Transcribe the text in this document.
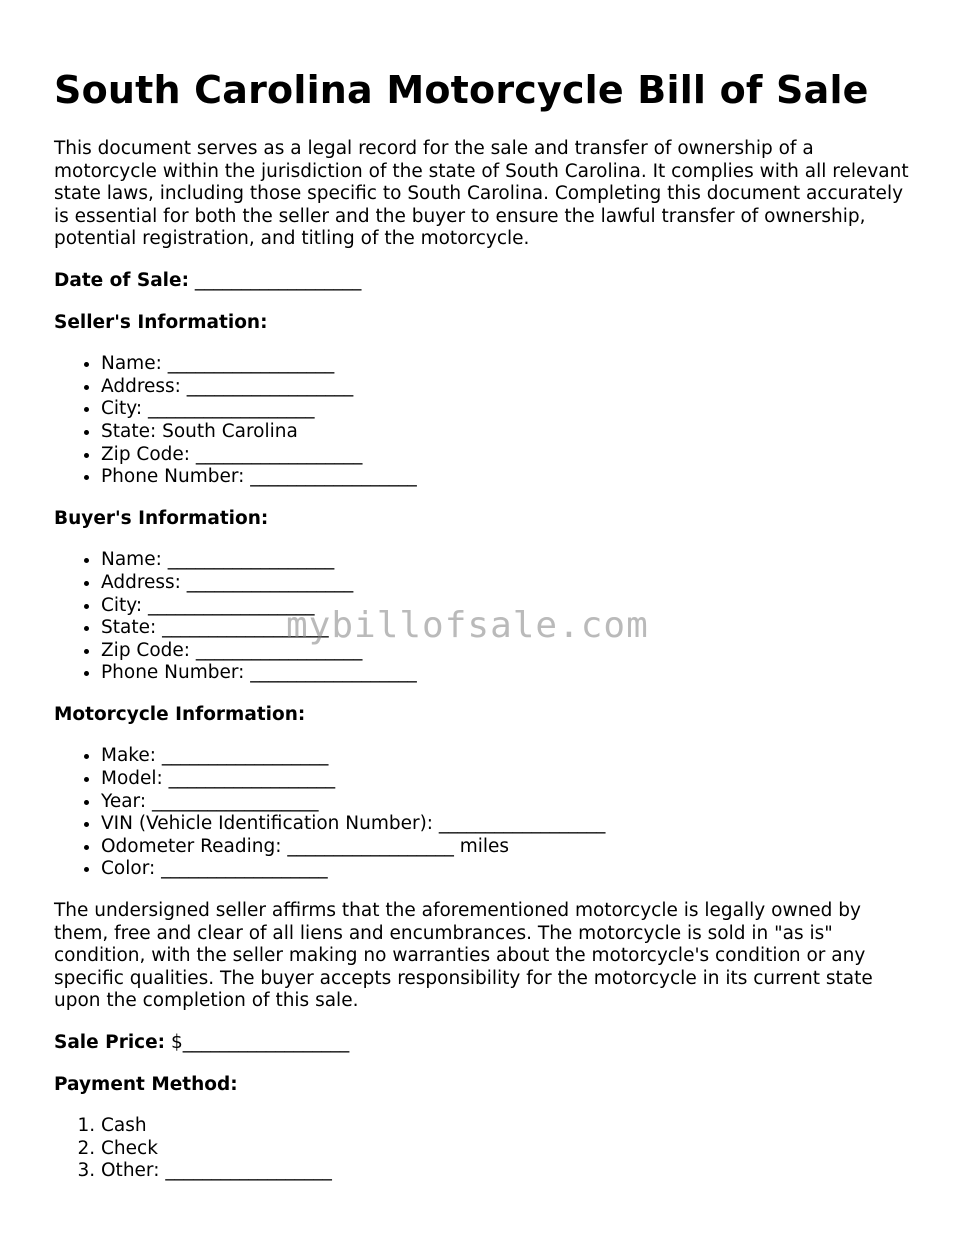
South Carolina Motorcycle Bill of Sale

This document serves as a legal record for the sale and transfer of ownership of a motorcycle within the jurisdiction of the state of South Carolina. It complies with all relevant state laws, including those specific to South Carolina. Completing this document accurately is essential for both the seller and the buyer to ensure the lawful transfer of ownership, potential registration, and titling of the motorcycle.

Date of Sale: __________________
Seller's Information:
• Name: __________________
• Address: __________________
• City: __________________
• State: South Carolina
• Zip Code: __________________
• Phone Number: __________________
Buyer's Information:
• Name: __________________
• Address: __________________
• City: __________________
• State: __________________
• Zip Code: __________________
• Phone Number: __________________
Motorcycle Information:
• Make: __________________
• Model: __________________
• Year: __________________
• VIN (Vehicle Identification Number): __________________
• Odometer Reading: __________________ miles
• Color: __________________

The undersigned seller affirms that the aforementioned motorcycle is legally owned by them, free and clear of all liens and encumbrances. The motorcycle is sold in "as is" condition, with the seller making no warranties about the motorcycle's condition or any specific qualities. The buyer accepts responsibility for the motorcycle in its current state upon the completion of this sale.

Sale Price: $__________________
Payment Method:
1. Cash
2. Check
3. Other: __________________
mybillofsale.com
